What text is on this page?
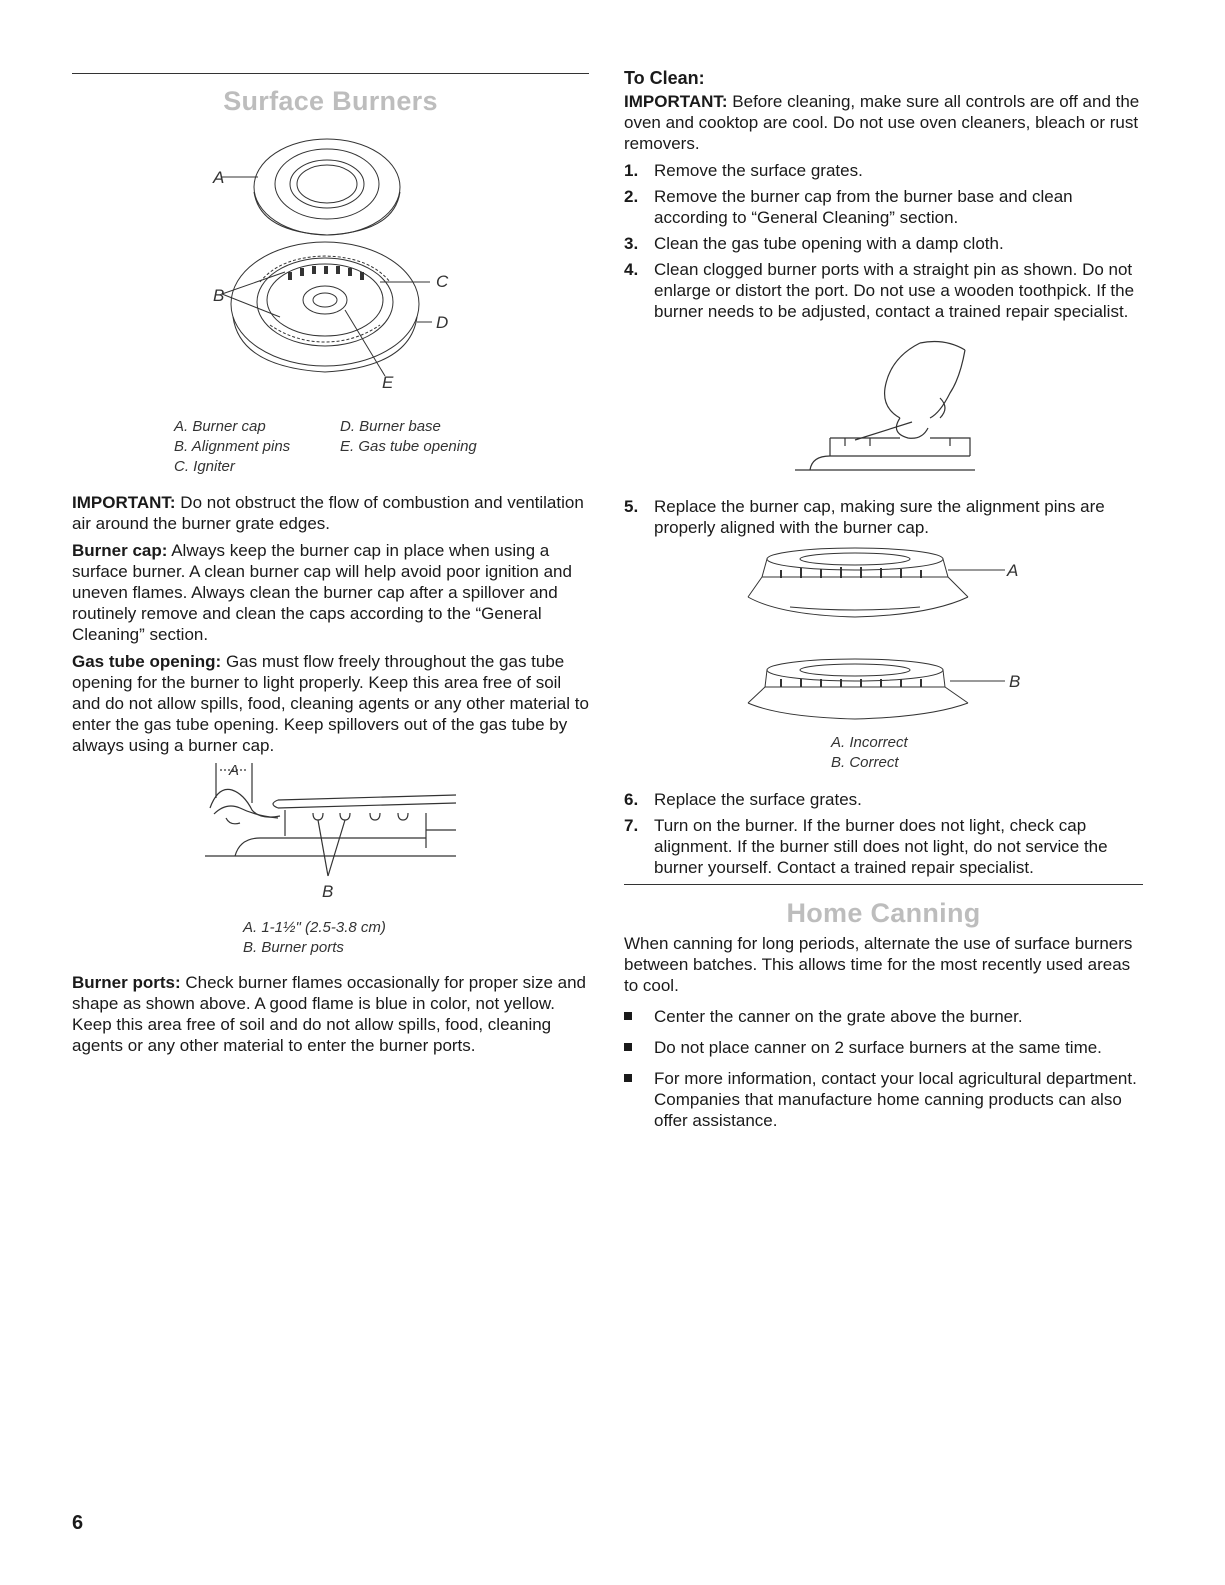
Surface Burners
A
B
C
D
E
A. Burner cap
B. Alignment pins
C. Igniter
D. Burner base
E. Gas tube opening

IMPORTANT: Do not obstruct the flow of combustion and ventilation air around the burner grate edges.

Burner cap: Always keep the burner cap in place when using a surface burner. A clean burner cap will help avoid poor ignition and uneven flames. Always clean the burner cap after a spillover and routinely remove and clean the caps according to the “General Cleaning” section.

Gas tube opening: Gas must flow freely throughout the gas tube opening for the burner to light properly. Keep this area free of soil and do not allow spills, food, cleaning agents or any other material to enter the gas tube opening. Keep spillovers out of the gas tube by always using a burner cap.

A
B
A. 1-1½" (2.5-3.8 cm)
B. Burner ports
Burner ports: Check burner flames occasionally for proper size and shape as shown above. A good flame is blue in color, not yellow. Keep this area free of soil and do not allow spills, food, cleaning agents or any other material to enter the burner ports.
To Clean:

IMPORTANT: Before cleaning, make sure all controls are off and the oven and cooktop are cool. Do not use oven cleaners, bleach or rust removers.

1. Remove the surface grates.
2. Remove the burner cap from the burner base and clean according to “General Cleaning” section.
3. Clean the gas tube opening with a damp cloth.
4. Clean clogged burner ports with a straight pin as shown. Do not enlarge or distort the port. Do not use a wooden toothpick. If the burner needs to be adjusted, contact a trained repair specialist.
5. Replace the burner cap, making sure the alignment pins are properly aligned with the burner cap.
A
B
A. Incorrect
B. Correct
6. Replace the surface grates.
7. Turn on the burner. If the burner does not light, check cap alignment. If the burner still does not light, do not service the burner yourself. Contact a trained repair specialist.
Home Canning

When canning for long periods, alternate the use of surface burners between batches. This allows time for the most recently used areas to cool.

Center the canner on the grate above the burner.
Do not place canner on 2 surface burners at the same time.
For more information, contact your local agricultural department. Companies that manufacture home canning products can also offer assistance.
6
